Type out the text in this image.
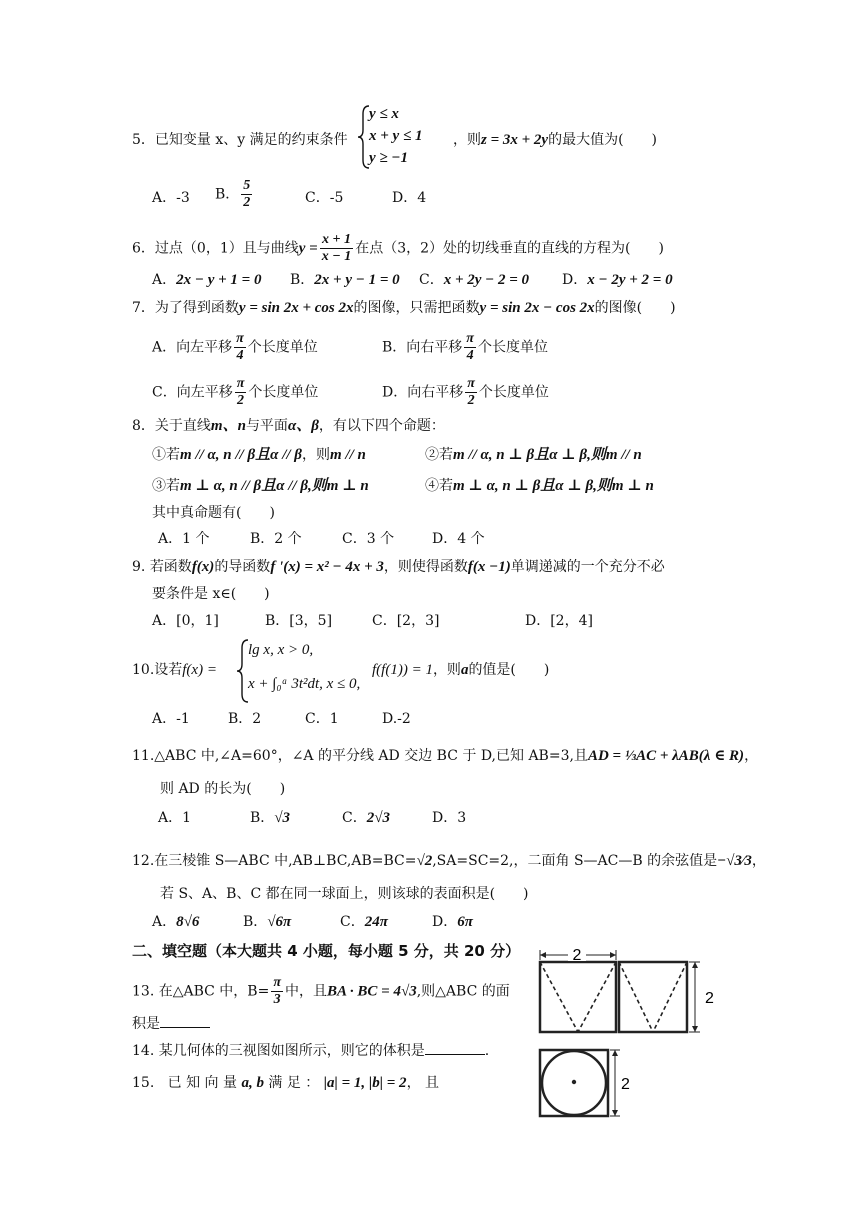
5．已知变量 x、y 满足的约束条件
y ≤ x
x + y ≤ 1
y ≥ −1
，则z = 3x + 2y的最大值为(　　)
A．-3 B． $\frac{5}{2}$	C．-5	D．4
6．过点（0，1）且与曲线$y = \frac{x + 1}{x - 1}$ 在点（3，2）处的切线垂直的直线的方程为(　　)
A．2x − y + 1 = 0 B．2x + y − 1 = 0 C．x + 2y − 2 = 0 D．x − 2y + 2 = 0
7．为了得到函数y = sin 2x + cos 2x的图像，只需把函数y = sin 2x − cos 2x的图像(　　)
A．向左平移 $\frac{\pi}{4}$ 个长度单位	B．向右平移 $\frac{\pi}{4}$ 个长度单位
C．向左平移 $\frac{\pi}{2}$ 个长度单位	D．向右平移 $\frac{\pi}{2}$ 个长度单位
8．关于直线m、n与平面α、β，有以下四个命题：
①若m // α, n // β且α // β，则m // n	②若m // α, n ⊥ β且α ⊥ β,则m // n
③若m ⊥ α, n // β且α // β,则m ⊥ n	④若m ⊥ α, n ⊥ β且α ⊥ β,则m ⊥ n
其中真命题有(　　)
A．1 个	B．2 个	C．3 个	D．4 个
9. 若函数f(x)的导函数f '(x) = x² − 4x + 3，则使得函数f(x −1)单调递减的一个充分不必
要条件是 x∈(　　)
A．[0，1]	B．[3，5]	C．[2，3]	D．[2，4]
10.设若f(x) =
lg x, x > 0,
x + ∫₀ᵃ 3t²dt, x ≤ 0,
f(f(1)) = 1，则a的值是(　　)
A．-1	B．2	C．1	D.-2
11.△ABC 中,∠A=60°，∠A 的平分线 AD 交边 BC 于 D,已知 AB=3,且AD = ⅓AC + λAB(λ ∈ R)，
则 AD 的长为(　　)
A．1	B．√3	C．2√3	D．3
12.在三棱锥 S—ABC 中,AB⊥BC,AB=BC=√2,SA=SC=2,，二面角 S—AC—B 的余弦值是−√3⁄3，
若 S、A、B、C 都在同一球面上，则该球的表面积是(　　)
A．8√6	B．√6π	C．24π	D．6π
二、填空题（本大题共 4 小题，每小题 5 分，共 20 分）
13. 在△ABC 中，$B= \frac{\pi}{3}$ 中，且BA · BC = 4√3,则△ABC 的面
积是
14. 某几何体的三视图如图所示，则它的体积是	.
15. 已 知 向 量 a, b 满 足 ： |a| = 1, |b| = 2， 且
2
2
2
